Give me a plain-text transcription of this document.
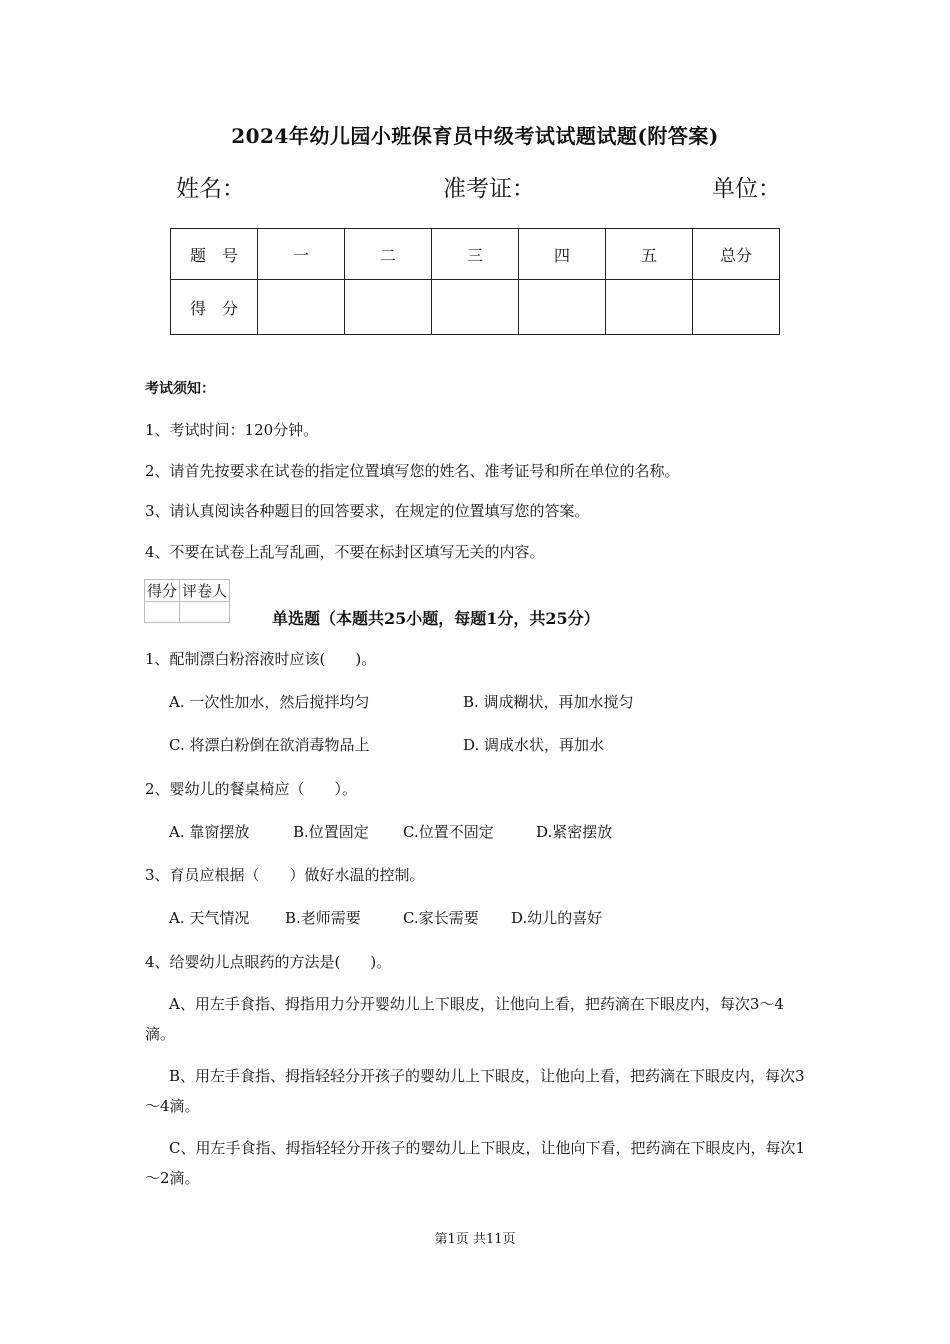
2024年幼儿园小班保育员中级考试试题试题(附答案)
姓名：	准考证：	单位：
题　号	一	二	三	四	五	总分
得　分						
考试须知：
1、考试时间：120分钟。
2、请首先按要求在试卷的指定位置填写您的姓名、准考证号和所在单位的名称。
3、请认真阅读各种题目的回答要求，在规定的位置填写您的答案。
4、不要在试卷上乱写乱画，不要在标封区填写无关的内容。
得分	评卷人

单选题（本题共25小题，每题1分，共25分）
1、配制漂白粉溶液时应该(　　)。
A. 一次性加水，然后搅拌均匀	B. 调成糊状，再加水搅匀
C. 将漂白粉倒在欲消毒物品上	D. 调成水状，再加水
2、婴幼儿的餐桌椅应（　　）。
A. 靠窗摆放	B.位置固定 C.位置不固定	D.紧密摆放
3、育员应根据（　　）做好水温的控制。
A. 天气情况 B.老师需要	C.家长需要 D.幼儿的喜好
4、给婴幼儿点眼药的方法是(　　)。
A、用左手食指、拇指用力分开婴幼儿上下眼皮，让他向上看，把药滴在下眼皮内，每次3～4滴。
B、用左手食指、拇指轻轻分开孩子的婴幼儿上下眼皮，让他向上看，把药滴在下眼皮内，每次3～4滴。
C、用左手食指、拇指轻轻分开孩子的婴幼儿上下眼皮，让他向下看，把药滴在下眼皮内，每次1～2滴。
第1页 共11页
